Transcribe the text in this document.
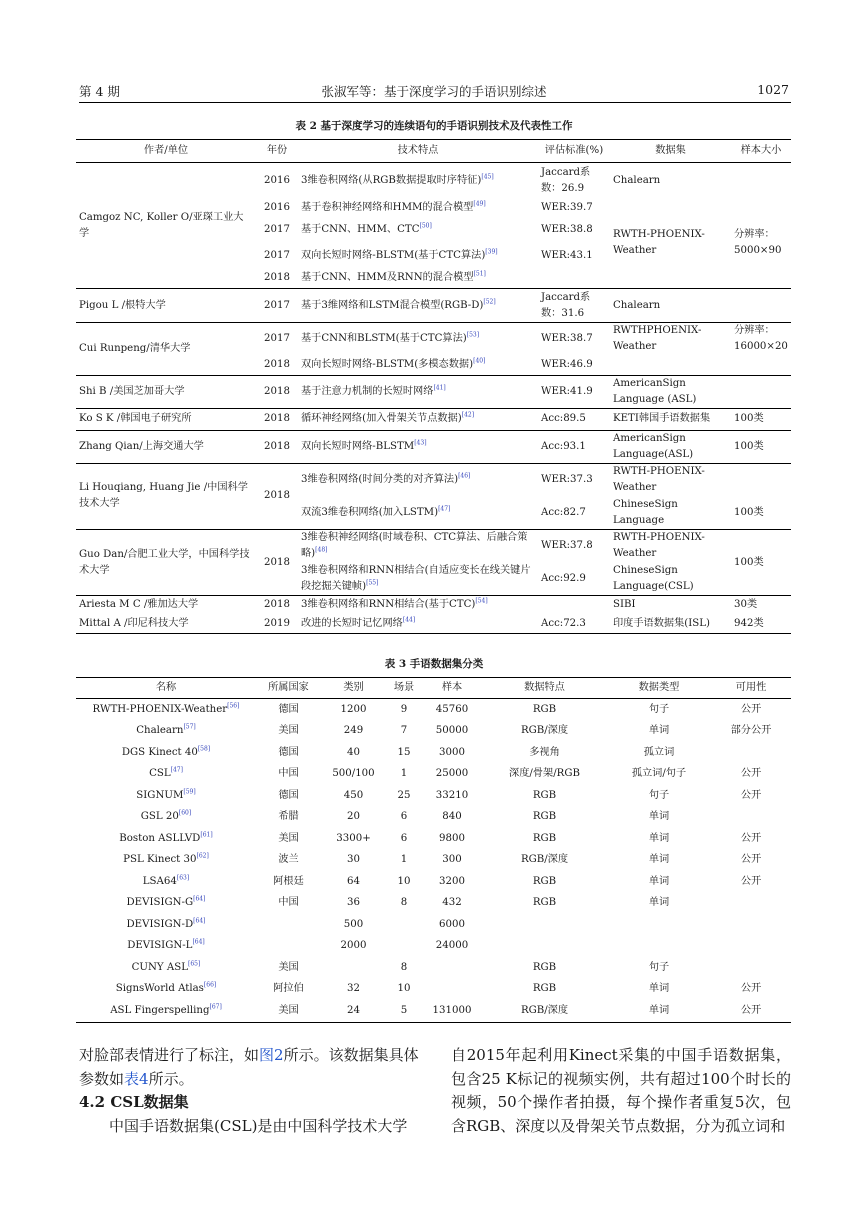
第 4 期	张淑军等：基于深度学习的手语识别综述	1027
表 2 基于深度学习的连续语句的手语识别技术及代表性工作
作者/单位	年份	技术特点	评估标准(%)	数据集	样本大小
Camgoz NC, Koller O/亚琛工业大学	2016	3维卷积网络(从RGB数据提取时序特征)[45]	Jaccard系数：26.9	Chalearn	
	2016	基于卷积神经网络和HMM的混合模型[49]	WER:39.7		分辨率：5000×90
	2017	基于CNN、HMM、CTC[50]	WER:38.8	RWTH-PHOENIX-Weather	
	2017	双向长短时网络-BLSTM(基于CTC算法)[39]	WER:43.1		
	2018	基于CNN、HMM及RNN的混合模型[51]		
Pigou L /根特大学	2017	基于3维网络和LSTM混合模型(RGB-D)[52]	Jaccard系数：31.6	Chalearn	
Cui Runpeng/清华大学	2017	基于CNN和BLSTM(基于CTC算法)[53]	WER:38.7	RWTHPHOENIX-Weather	分辨率：16000×20
	2018	双向长短时网络-BLSTM(多模态数据)[40]	WER:46.9		
Shi B /美国芝加哥大学	2018	基于注意力机制的长短时网络[41]	WER:41.9	AmericanSign Language (ASL)	
Ko S K /韩国电子研究所	2018	循环神经网络(加入骨架关节点数据)[42]	Acc:89.5	KETI韩国手语数据集	100类
Zhang Qian/上海交通大学	2018	双向长短时网络-BLSTM[43]	Acc:93.1	AmericanSign Language(ASL)	100类
Li Houqiang, Huang Jie /中国科学技术大学	2018	3维卷积网络(时间分类的对齐算法)[46]	WER:37.3	RWTH-PHOENIX-Weather	
		双流3维卷积网络(加入LSTM)[47]	Acc:82.7	ChineseSign Language	100类
Guo Dan/合肥工业大学，中国科学技术大学	2018	3维卷积神经网络(时域卷积、CTC算法、后融合策略)[48]	WER:37.8	RWTH-PHOENIX-Weather	100类
		3维卷积网络和RNN相结合(自适应变长在线关键片段挖掘关键帧)[55]	Acc:92.9	ChineseSign Language(CSL)	
Ariesta M C /雅加达大学	2018	3维卷积网络和RNN相结合(基于CTC)[54]		SIBI	30类
Mittal A /印尼科技大学	2019	改进的长短时记忆网络[44]	Acc:72.3	印度手语数据集(ISL)	942类
表 3 手语数据集分类
名称	所属国家	类别	场景	样本	数据特点	数据类型	可用性
RWTH-PHOENIX-Weather[56]	德国	1200	9	45760	RGB	句子	公开
Chalearn[57]	美国	249	7	50000	RGB/深度	单词	部分公开
DGS Kinect 40[58]	德国	40	15	3000	多视角	孤立词	
CSL[47]	中国	500/100	1	25000	深度/骨架/RGB	孤立词/句子	公开
SIGNUM[59]	德国	450	25	33210	RGB	句子	公开
GSL 20[60]	希腊	20	6	840	RGB	单词	
Boston ASLLVD[61]	美国	3300+	6	9800	RGB	单词	公开
PSL Kinect 30[62]	波兰	30	1	300	RGB/深度	单词	公开
LSA64[63]	阿根廷	64	10	3200	RGB	单词	公开
DEVISIGN-G[64]	中国	36	8	432	RGB	单词	
DEVISIGN-D[64]		500		6000			
DEVISIGN-L[64]		2000		24000			
CUNY ASL[65]	美国		8		RGB	句子	
SignsWorld Atlas[66]	阿拉伯	32	10		RGB	单词	公开
ASL Fingerspelling[67]	美国	24	5	131000	RGB/深度	单词	公开

对脸部表情进行了标注，如图2所示。该数据集具体参数如表4所示。

4.2 CSL数据集

中国手语数据集(CSL)是由中国科学技术大学

自2015年起利用Kinect采集的中国手语数据集，包含25 K标记的视频实例，共有超过100个时长的视频，50个操作者拍摄，每个操作者重复5次，包含RGB、深度以及骨架关节点数据，分为孤立词和
